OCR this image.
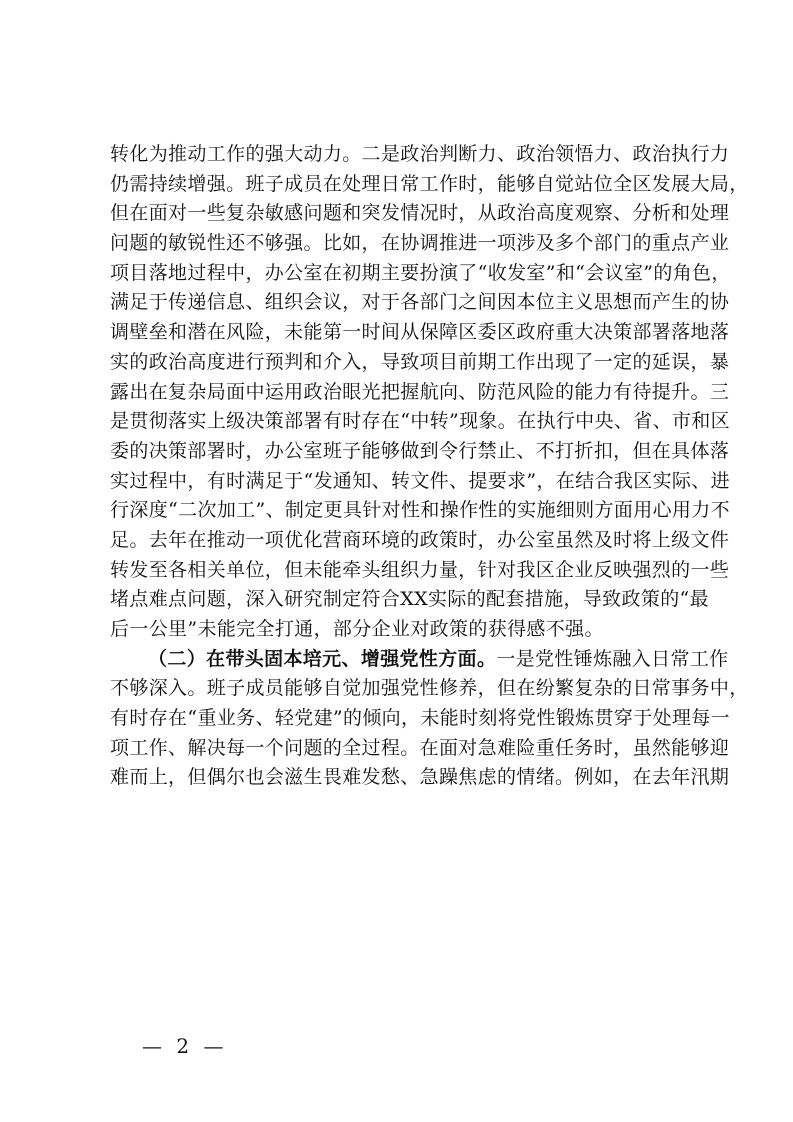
转化为推动工作的强大动力。二是政治判断力、政治领悟力、政治执行力
仍需持续增强。班子成员在处理日常工作时，能够自觉站位全区发展大局，
但在面对一些复杂敏感问题和突发情况时，从政治高度观察、分析和处理
问题的敏锐性还不够强。比如，在协调推进一项涉及多个部门的重点产业
项目落地过程中，办公室在初期主要扮演了“收发室”和“会议室”的角色，
满足于传递信息、组织会议，对于各部门之间因本位主义思想而产生的协
调壁垒和潜在风险，未能第一时间从保障区委区政府重大决策部署落地落
实的政治高度进行预判和介入，导致项目前期工作出现了一定的延误，暴
露出在复杂局面中运用政治眼光把握航向、防范风险的能力有待提升。三
是贯彻落实上级决策部署有时存在“中转”现象。在执行中央、省、市和区
委的决策部署时，办公室班子能够做到令行禁止、不打折扣，但在具体落
实过程中，有时满足于“发通知、转文件、提要求”，在结合我区实际、进
行深度“二次加工”、制定更具针对性和操作性的实施细则方面用心用力不
足。去年在推动一项优化营商环境的政策时，办公室虽然及时将上级文件
转发至各相关单位，但未能牵头组织力量，针对我区企业反映强烈的一些
堵点难点问题，深入研究制定符合XX实际的配套措施，导致政策的“最
后一公里”未能完全打通，部分企业对政策的获得感不强。
（二）在带头固本培元、增强党性方面。一是党性锤炼融入日常工作
不够深入。班子成员能够自觉加强党性修养，但在纷繁复杂的日常事务中，
有时存在“重业务、轻党建”的倾向，未能时刻将党性锻炼贯穿于处理每一
项工作、解决每一个问题的全过程。在面对急难险重任务时，虽然能够迎
难而上，但偶尔也会滋生畏难发愁、急躁焦虑的情绪。例如，在去年汛期
— 2 —
